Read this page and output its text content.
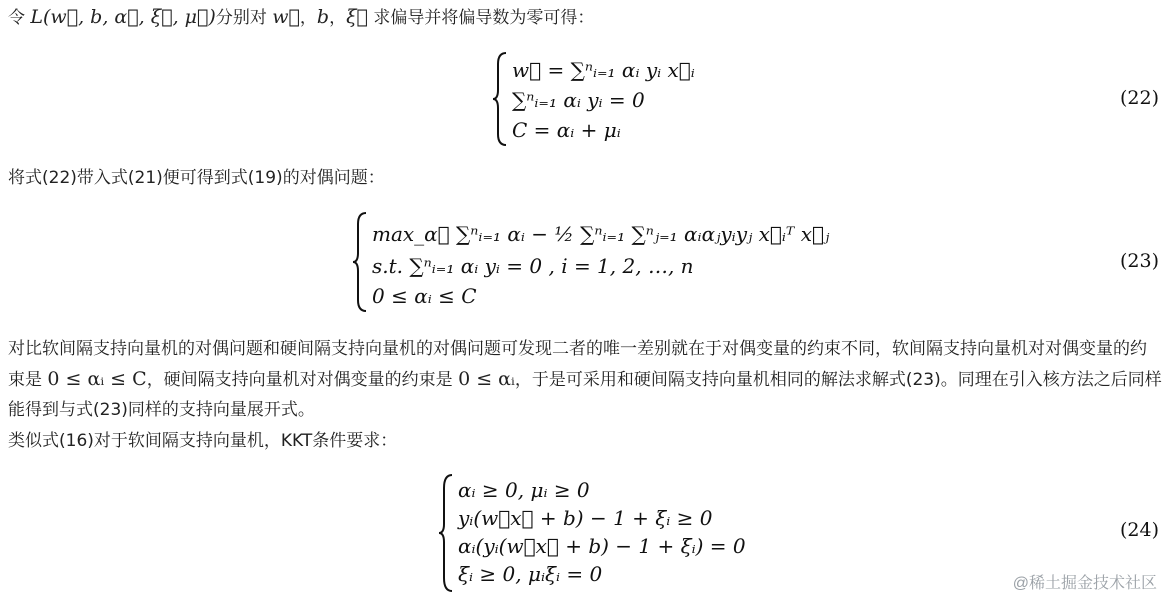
令 L(w⃗, b, α⃗, ξ⃗, μ⃗)分别对 w⃗，b，ξ⃗ 求偏导并将偏导数为零可得：
w⃗ = ∑ⁿᵢ₌₁ αᵢ yᵢ x⃗ᵢ
∑ⁿᵢ₌₁ αᵢ yᵢ = 0
C = αᵢ + μᵢ
(22)
将式(22)带入式(21)便可得到式(19)的对偶问题：
max_α⃗ ∑ⁿᵢ₌₁ αᵢ − ½ ∑ⁿᵢ₌₁ ∑ⁿⱼ₌₁ αᵢαⱼyᵢyⱼ x⃗ᵢᵀ x⃗ⱼ
s.t. ∑ⁿᵢ₌₁ αᵢ yᵢ = 0 , i = 1, 2, …, n
0 ≤ αᵢ ≤ C
(23)
对比软间隔支持向量机的对偶问题和硬间隔支持向量机的对偶问题可发现二者的唯一差别就在于对偶变量的约束不同，软间隔支持向量机对对偶变量的约束是 0 ≤ αᵢ ≤ C，硬间隔支持向量机对对偶变量的约束是 0 ≤ αᵢ，于是可采用和硬间隔支持向量机相同的解法求解式(23)。同理在引入核方法之后同样能得到与式(23)同样的支持向量展开式。
类似式(16)对于软间隔支持向量机，KKT条件要求：
αᵢ ≥ 0, μᵢ ≥ 0
yᵢ(w⃗x⃗ + b) − 1 + ξᵢ ≥ 0
αᵢ(yᵢ(w⃗x⃗ + b) − 1 + ξᵢ) = 0
ξᵢ ≥ 0, μᵢξᵢ = 0
(24)
@稀土掘金技术社区
